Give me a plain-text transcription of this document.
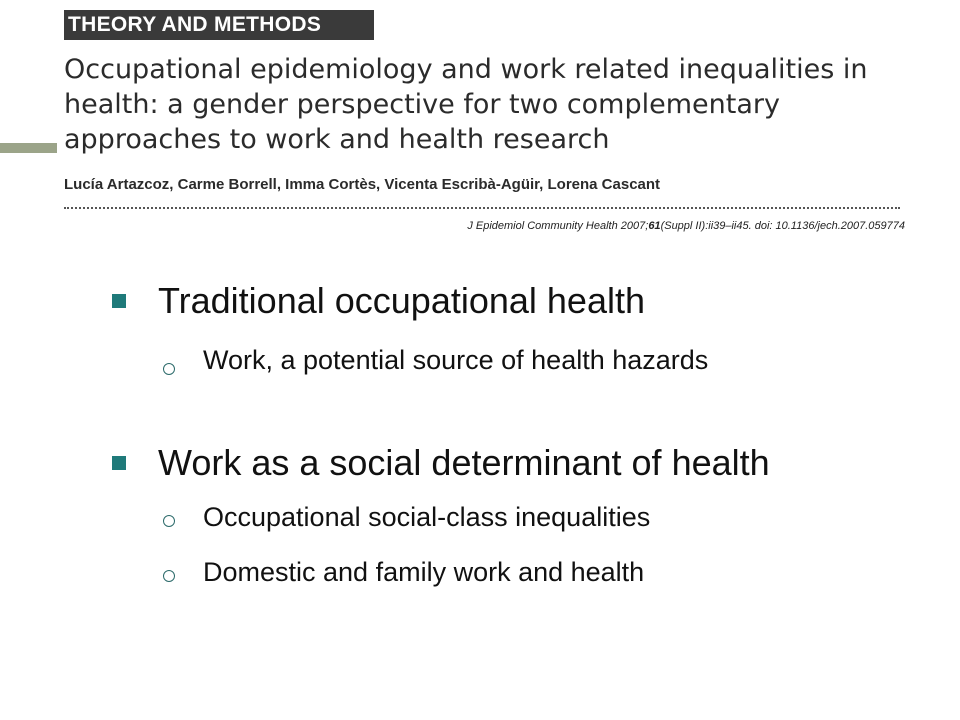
THEORY AND METHODS
Occupational epidemiology and work related inequalities in health: a gender perspective for two complementary approaches to work and health research
Lucía Artazcoz, Carme Borrell, Imma Cortès, Vicenta Escribà-Agüir, Lorena Cascant
J Epidemiol Community Health 2007;61(Suppl II):ii39–ii45. doi: 10.1136/jech.2007.059774
Traditional occupational health
Work, a potential source of health hazards
Work as a social determinant of health
Occupational social-class inequalities
Domestic and family work and health
